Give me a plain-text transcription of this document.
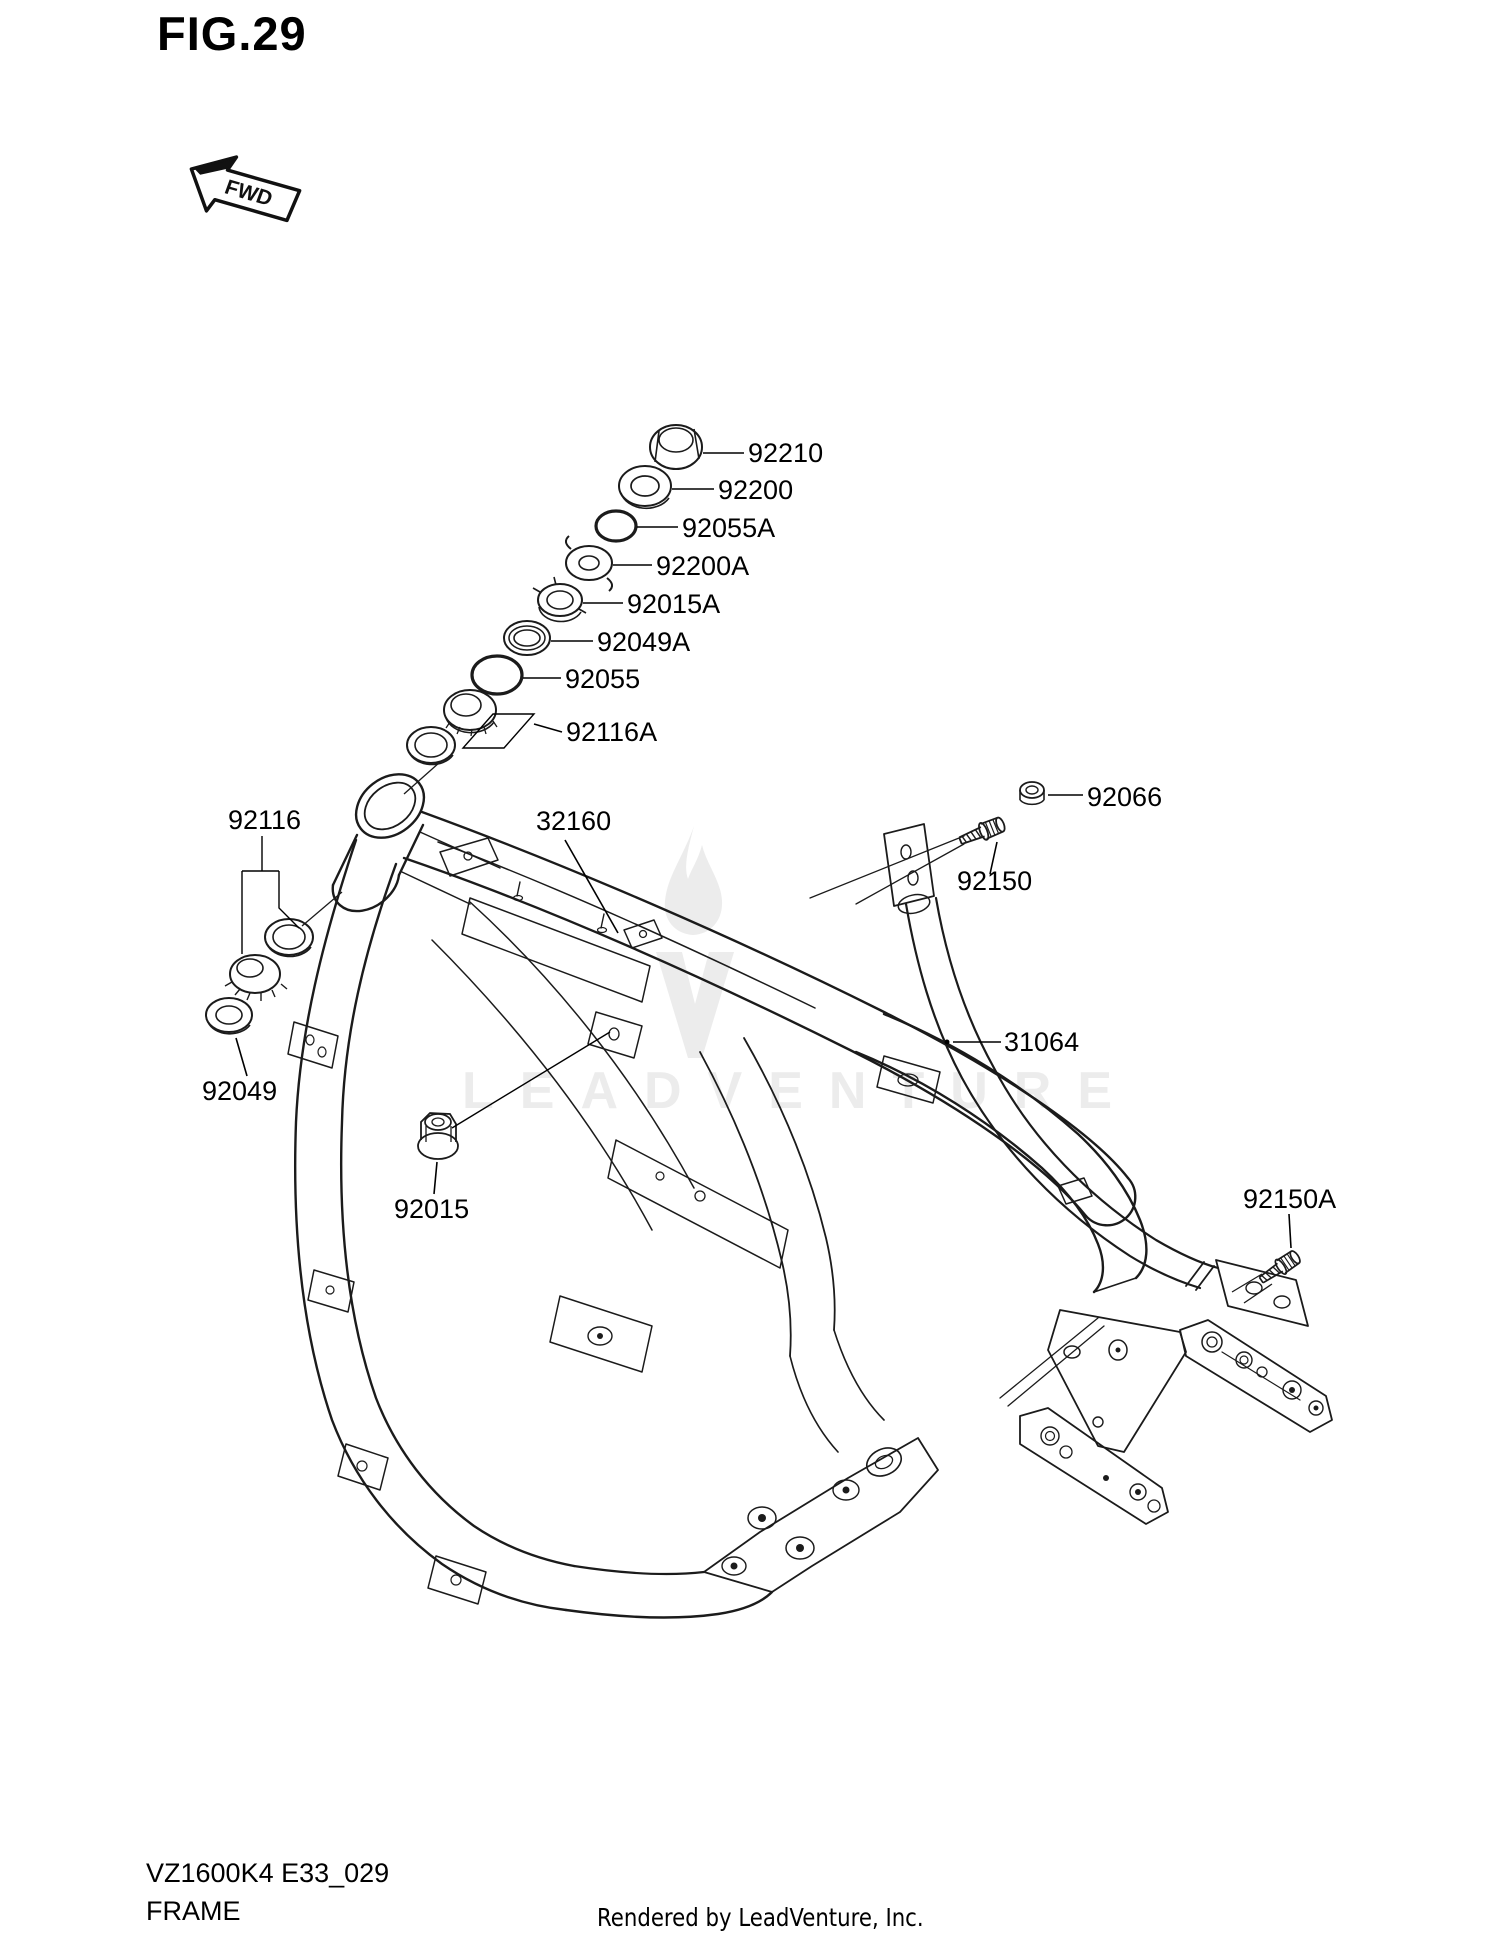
FIG.29
LEADVENTURE
FWD
92210
92200
92055A
92200A
92015A
92049A
92055
92116A
92116	32160
92066
92150
31064
92049
92015	92150A
VZ1600K4 E33_029
FRAME	Rendered by LeadVenture, Inc.
